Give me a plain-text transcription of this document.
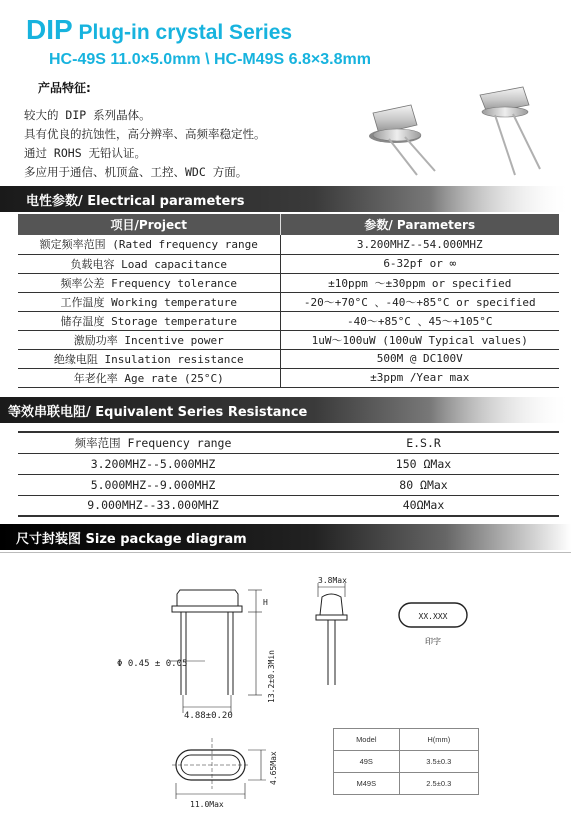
DIP Plug-in crystal Series
HC-49S 11.0×5.0mm \ HC-M49S 6.8×3.8mm
产品特征:
较大的 DIP 系列晶体。
具有优良的抗蚀性，高分辨率、高频率稳定性。
通过 ROHS 无铅认证。
多应用于通信、机顶盒、工控、WDC 方面。
电性参数/ Electrical parameters
项目/Project	参数/ Parameters
额定频率范围 (Rated frequency range	3.200MHZ--54.000MHZ
负载电容 Load capacitance	6-32pf or ∞
频率公差 Frequency tolerance	±10ppm ～±30ppm or specified
工作温度 Working temperature	-20～+70°C 、-40～+85°C or specified
储存温度 Storage temperature	-40～+85°C 、45～+105°C
激励功率 Incentive power	1uW～100uW (100uW Typical values)
绝缘电阻 Insulation resistance	500M @ DC100V
年老化率 Age rate (25°C)	±3ppm /Year max
等效串联电阻/ Equivalent Series Resistance
频率范围 Frequency range	E.S.R
3.200MHZ--5.000MHZ	150 ΩMax
5.000MHZ--9.000MHZ	80 ΩMax
9.000MHZ--33.000MHZ	40ΩMax
尺寸封装图 Size package diagram
H
Φ 0.45 ± 0.05
4.88±0.20
13.2±0.3Min
3.8Max
XX.XXX
印字
11.0Max
4.65Max
Model	H(mm)
49S	3.5±0.3
M49S	2.5±0.3
